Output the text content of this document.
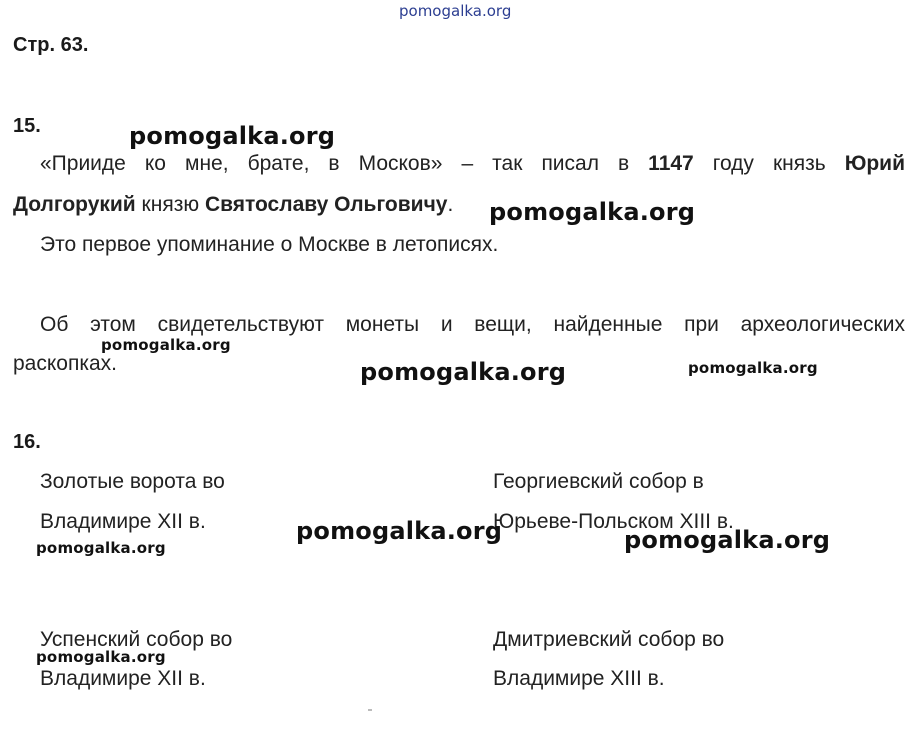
pomogalka.org
Стр. 63.
15.
«Прииде ко мне, брате, в Москов» – так писал в 1147 году князь Юрий
Долгорукий князю Святославу Ольговичу.
Это первое упоминание о Москве в летописях.
Об этом свидетельствуют монеты и вещи, найденные при археологических
раскопках.
16.
Золотые ворота во
Владимире XII в.
Георгиевский собор в
Юрьеве-Польском XIII в.
Успенский собор во
Владимире XII в.
Дмитриевский собор во
Владимире XIII в.
pomogalka.org
pomogalka.org
pomogalka.org
pomogalka.org	pomogalka.org
pomogalka.org
pomogalka.org	pomogalka.org
pomogalka.org
